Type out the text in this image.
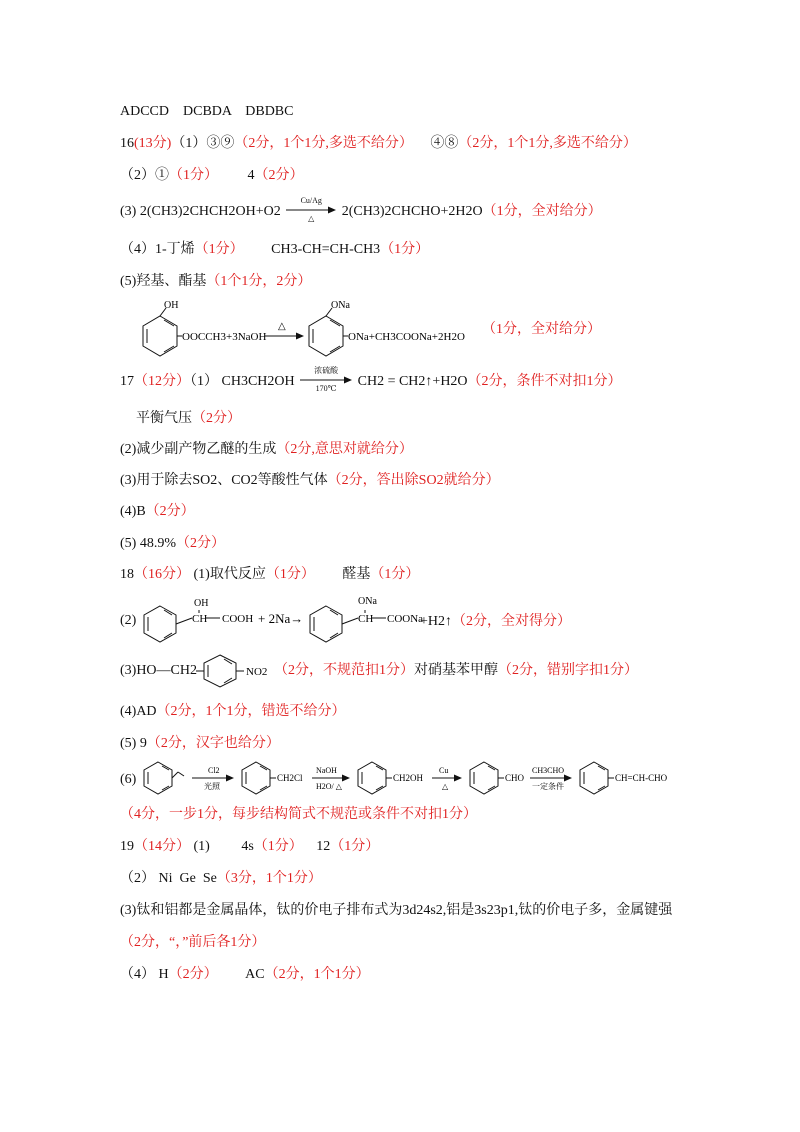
ADCCD    DCBDA    DBDBC
16(13分)（1）③⑨（2分，1个1分,多选不给分） ④⑧（2分，1个1分,多选不给分）
（2）①（1分） 4（2分）
(3) 2(CH3)2CHCH2OH+O2
Cu/Ag
△	2(CH3)2CHCHO+2H2O（1分，全对给分）
（4）1-丁烯（1分） CH3-CH=CH-CH3（1分）
(5)羟基、酯基（1个1分，2分）
OH
OOCCH3+3NaOH
△
ONa
ONa+CH3COONa+2H2O （1分，全对给分）
17（12分）（1） CH3CH2OH
浓硫酸
170℃	CH2 = CH2↑+H2O（2分，条件不对扣1分）
平衡气压（2分）
(2)减少副产物乙醚的生成（2分,意思对就给分）
(3)用于除去SO2、CO2等酸性气体（2分，答出除SO2就给分）
(4)B（2分）
(5) 48.9%（2分）
18（16分） (1)取代反应（1分） 醛基（1分）
(2)	CH
OH
COOH + 2Na→	CH
ONa
COONa
+H2↑（2分，全对得分）
(3)HO—CH2	NO2 （2分，不规范扣1分）对硝基苯甲醇（2分，错别字扣1分）
(4)AD（2分，1个1分，错选不给分）
(5) 9（2分，汉字也给分）
(6)
Cl2
光照
CH2Cl
NaOH
H2O/ △
CH2OH
Cu
△
CHO
CH3CHO
一定条件
CH=CH-CHO
（4分，一步1分，每步结构简式不规范或条件不对扣1分）
19（14分） (1) 4s（1分） 12（1分）
（2） Ni  Ge  Se（3分，1个1分）
(3)钛和铝都是金属晶体，钛的价电子排布式为3d24s2,铝是3s23p1,钛的价电子多，金属键强
（2分，“，”前后各1分）
（4） H（2分） AC（2分，1个1分）
